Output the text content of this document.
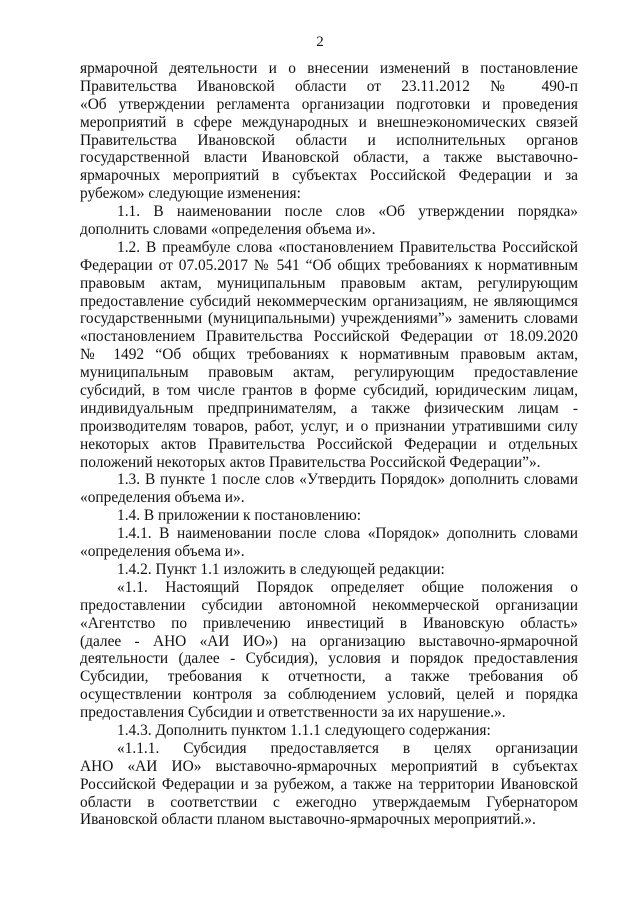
2
ярмарочной деятельности и о внесении изменений в постановление
Правительства Ивановской области от 23.11.2012 № 490-п
«Об утверждении регламента организации подготовки и проведения
мероприятий в сфере международных и внешнеэкономических связей
Правительства Ивановской области и исполнительных органов
государственной власти Ивановской области, а также выставочно-
ярмарочных мероприятий в субъектах Российской Федерации и за
рубежом» следующие изменения:
1.1. В наименовании после слов «Об утверждении порядка»
дополнить словами «определения объема и».
1.2. В преамбуле слова «постановлением Правительства Российской
Федерации от 07.05.2017 № 541 “Об общих требованиях к нормативным
правовым актам, муниципальным правовым актам, регулирующим
предоставление субсидий некоммерческим организациям, не являющимся
государственными (муниципальными) учреждениями”» заменить словами
«постановлением Правительства Российской Федерации от 18.09.2020
№ 1492 “Об общих требованиях к нормативным правовым актам,
муниципальным правовым актам, регулирующим предоставление
субсидий, в том числе грантов в форме субсидий, юридическим лицам,
индивидуальным предпринимателям, а также физическим лицам -
производителям товаров, работ, услуг, и о признании утратившими силу
некоторых актов Правительства Российской Федерации и отдельных
положений некоторых актов Правительства Российской Федерации”».
1.3. В пункте 1 после слов «Утвердить Порядок» дополнить словами
«определения объема и».
1.4. В приложении к постановлению:
1.4.1. В наименовании после слова «Порядок» дополнить словами
«определения объема и».
1.4.2. Пункт 1.1 изложить в следующей редакции:
«1.1. Настоящий Порядок определяет общие положения о
предоставлении субсидии автономной некоммерческой организации
«Агентство по привлечению инвестиций в Ивановскую область»
(далее - АНО «АИ ИО») на организацию выставочно-ярмарочной
деятельности (далее - Субсидия), условия и порядок предоставления
Субсидии, требования к отчетности, а также требования об
осуществлении контроля за соблюдением условий, целей и порядка
предоставления Субсидии и ответственности за их нарушение.».
1.4.3. Дополнить пунктом 1.1.1 следующего содержания:
«1.1.1. Субсидия предоставляется в целях организации
АНО «АИ ИО» выставочно-ярмарочных мероприятий в субъектах
Российской Федерации и за рубежом, а также на территории Ивановской
области в соответствии с ежегодно утверждаемым Губернатором
Ивановской области планом выставочно-ярмарочных мероприятий.».
